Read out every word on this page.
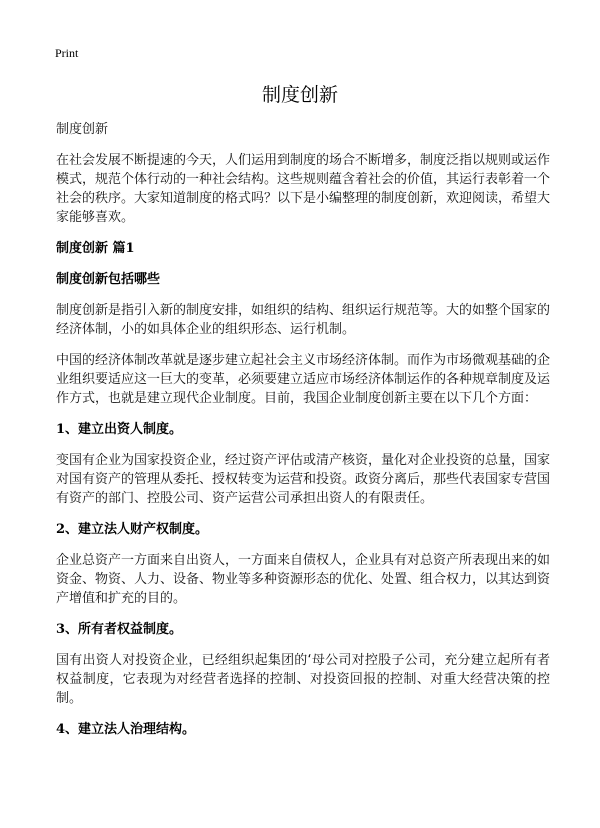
Print
制度创新

制度创新

在社会发展不断提速的今天，人们运用到制度的场合不断增多，制度泛指以规则或运作模式，规范个体行动的一种社会结构。这些规则蕴含着社会的价值，其运行表彰着一个社会的秩序。大家知道制度的格式吗？以下是小编整理的制度创新，欢迎阅读，希望大家能够喜欢。

制度创新 篇1

制度创新包括哪些

制度创新是指引入新的制度安排，如组织的结构、组织运行规范等。大的如整个国家的经济体制，小的如具体企业的组织形态、运行机制。

中国的经济体制改革就是逐步建立起社会主义市场经济体制。而作为市场微观基础的企业组织要适应这一巨大的变革，必须要建立适应市场经济体制运作的各种规章制度及运作方式，也就是建立现代企业制度。目前，我国企业制度创新主要在以下几个方面：

1、建立出资人制度。

变国有企业为国家投资企业，经过资产评估或清产核资，量化对企业投资的总量，国家对国有资产的管理从委托、授权转变为运营和投资。政资分离后，那些代表国家专营国有资产的部门、控股公司、资产运营公司承担出资人的有限责任。

2、建立法人财产权制度。

企业总资产一方面来自出资人，一方面来自债权人，企业具有对总资产所表现出来的如资金、物资、人力、设备、物业等多种资源形态的优化、处置、组合权力，以其达到资产增值和扩充的目的。

3、所有者权益制度。

国有出资人对投资企业，已经组织起集团的‘母公司对控股子公司，充分建立起所有者权益制度，它表现为对经营者选择的控制、对投资回报的控制、对重大经营决策的控制。

4、建立法人治理结构。
